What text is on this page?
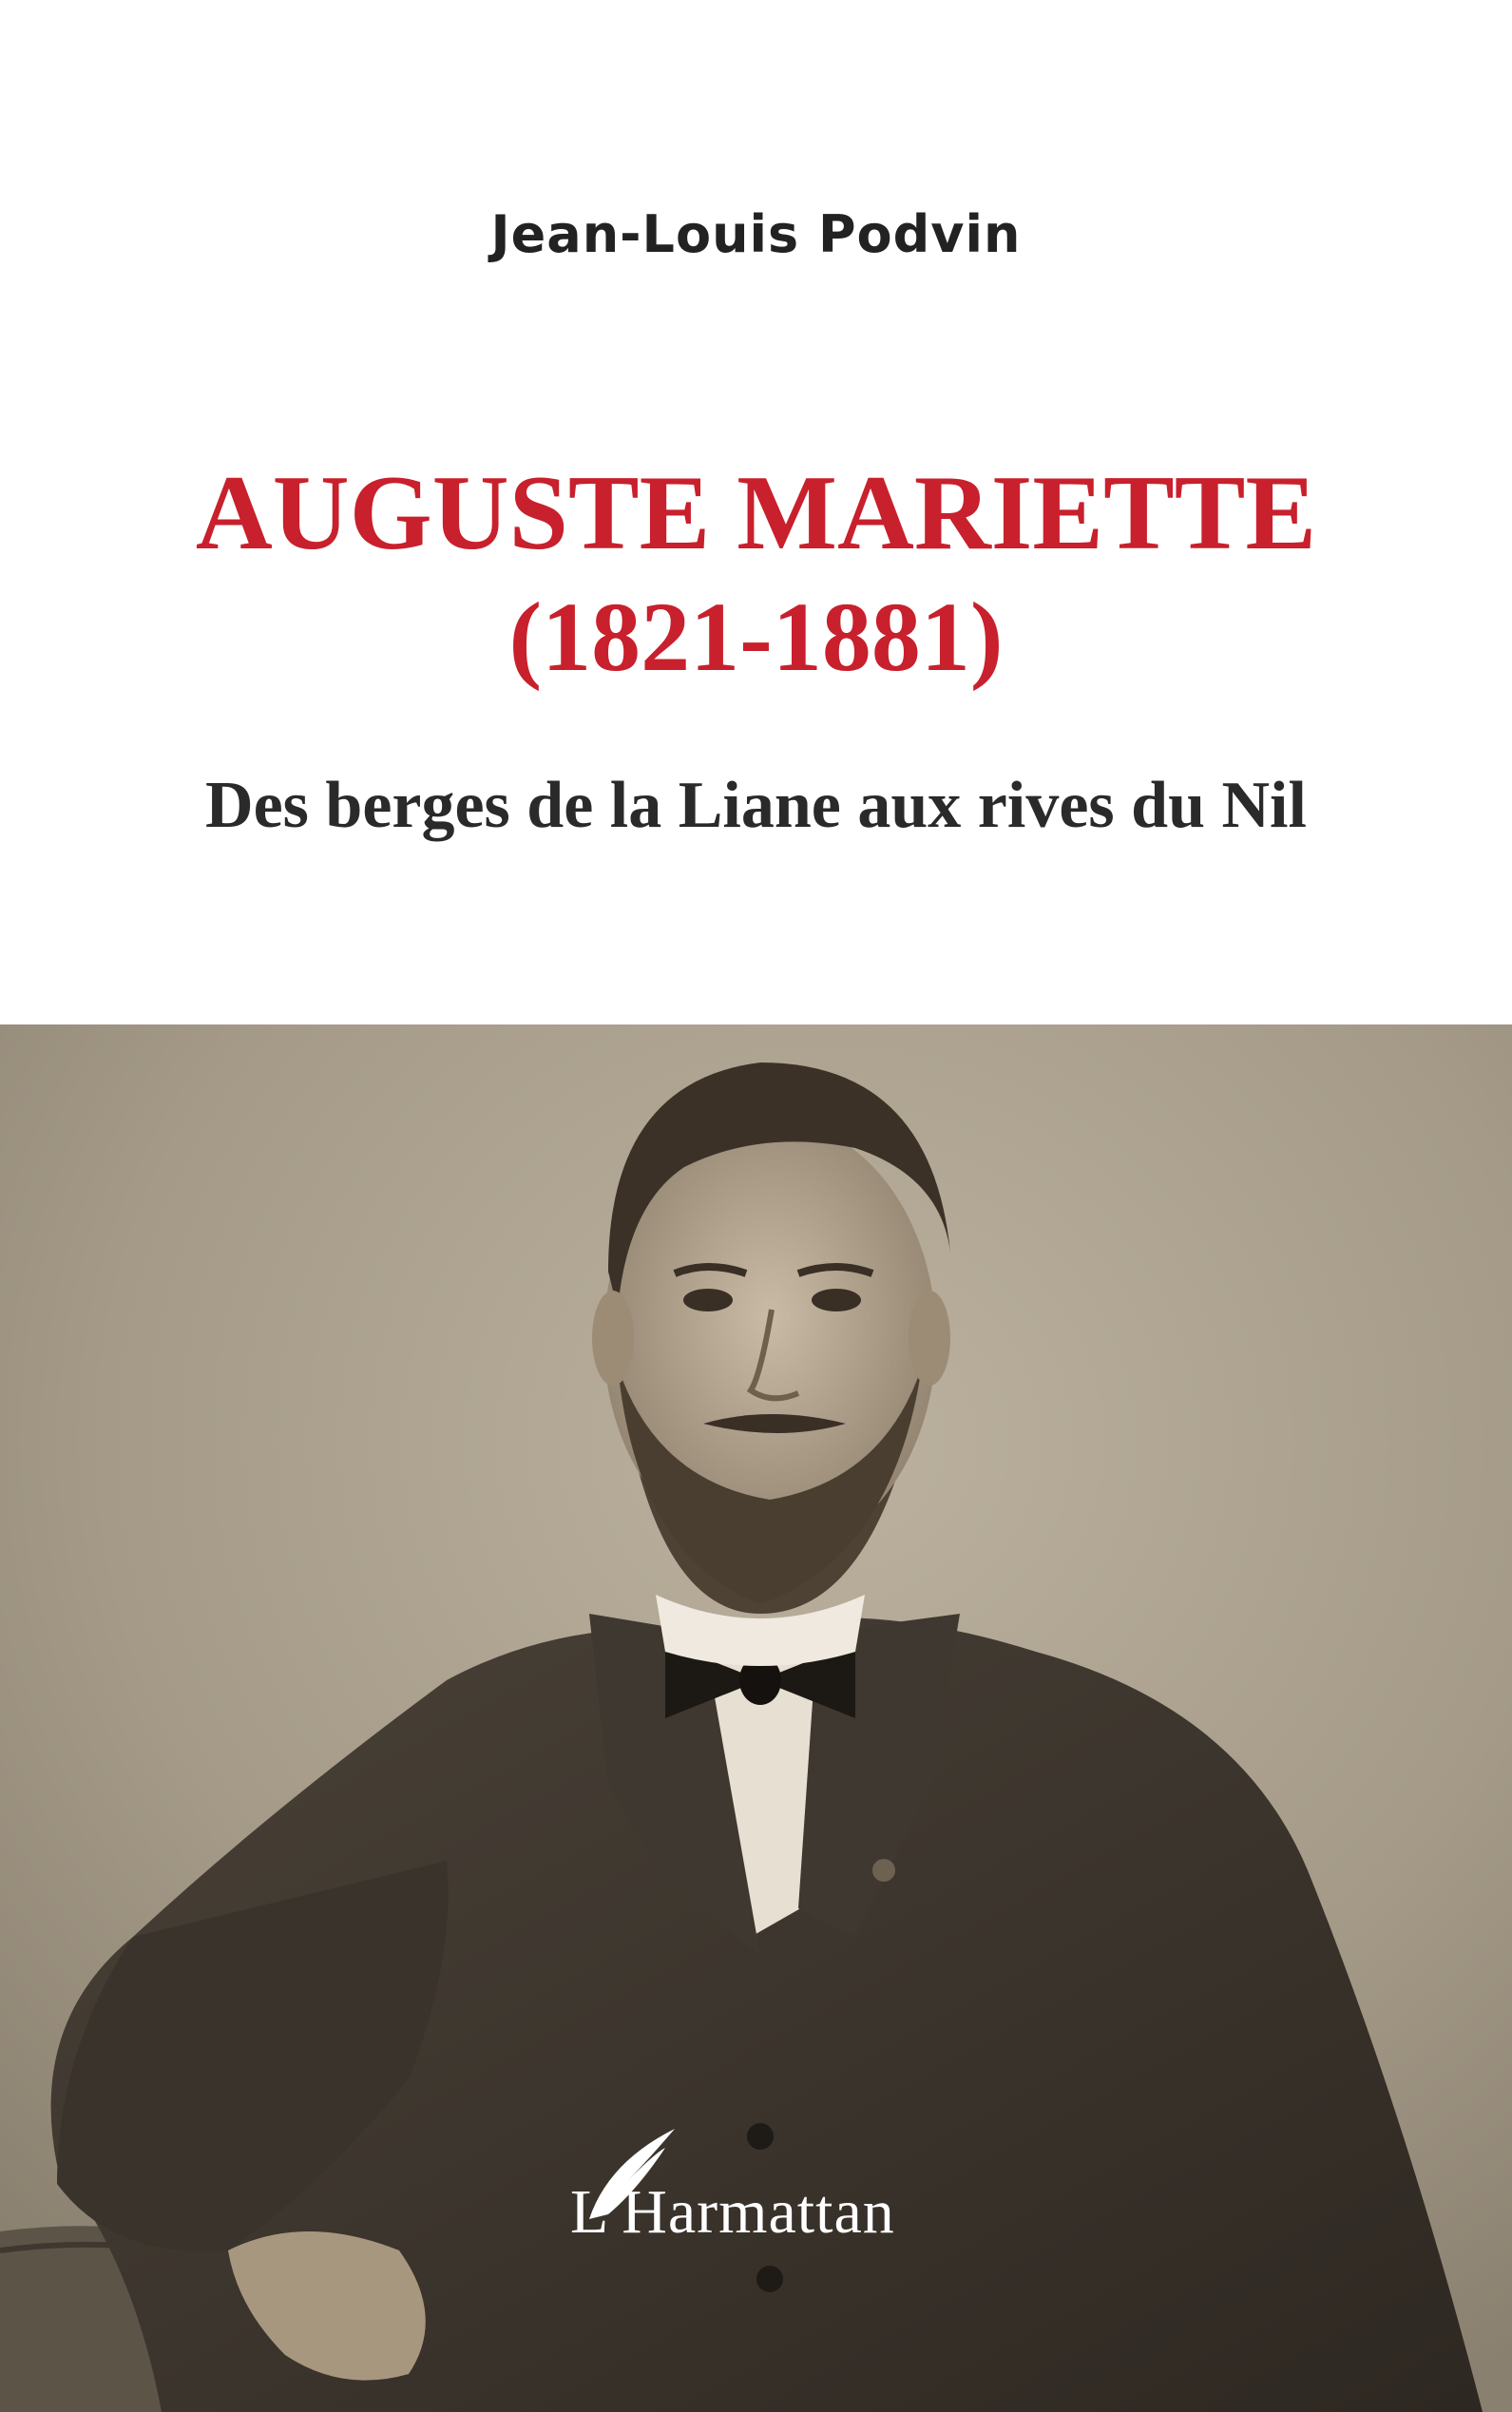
Jean-Louis Podvin
AUGUSTE MARIETTE
(1821-1881)
Des berges de la Liane aux rives du Nil
L'Harmattan
